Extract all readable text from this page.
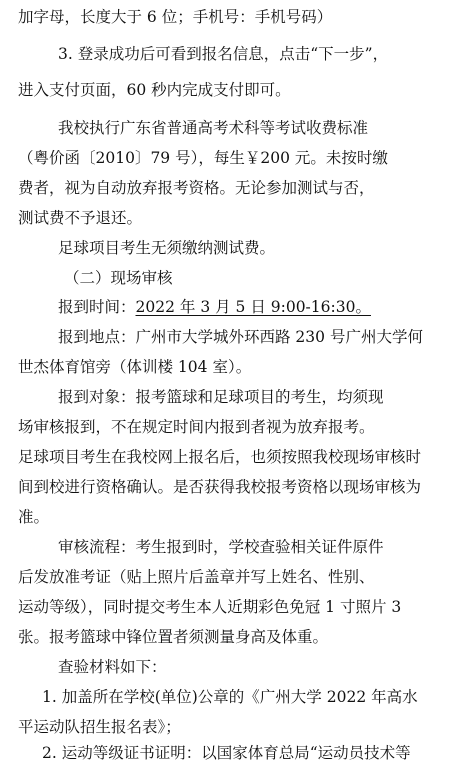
加字母，长度大于 6 位；手机号：手机号码）
3. 登录成功后可看到报名信息，点击“下一步”，
进入支付页面，60 秒内完成支付即可。
我校执行广东省普通高考术科等考试收费标准
（粤价函〔2010〕79 号），每生￥200 元。未按时缴
费者，视为自动放弃报考资格。无论参加测试与否，
测试费不予退还。
足球项目考生无须缴纳测试费。
（二）现场审核
报到时间：2022 年 3 月 5 日 9:00-16:30。
报到地点：广州市大学城外环西路 230 号广州大学何
世杰体育馆旁（体训楼 104 室）。
报到对象：报考篮球和足球项目的考生，均须现
场审核报到，不在规定时间内报到者视为放弃报考。
足球项目考生在我校网上报名后，也须按照我校现场审核时
间到校进行资格确认。是否获得我校报考资格以现场审核为
准。
审核流程：考生报到时，学校查验相关证件原件
后发放准考证（贴上照片后盖章并写上姓名、性别、
运动等级），同时提交考生本人近期彩色免冠 1 寸照片 3
张。报考篮球中锋位置者须测量身高及体重。
查验材料如下：
1. 加盖所在学校(单位)公章的《广州大学 2022 年高水
平运动队招生报名表》；
2. 运动等级证书证明：以国家体育总局“运动员技术等
